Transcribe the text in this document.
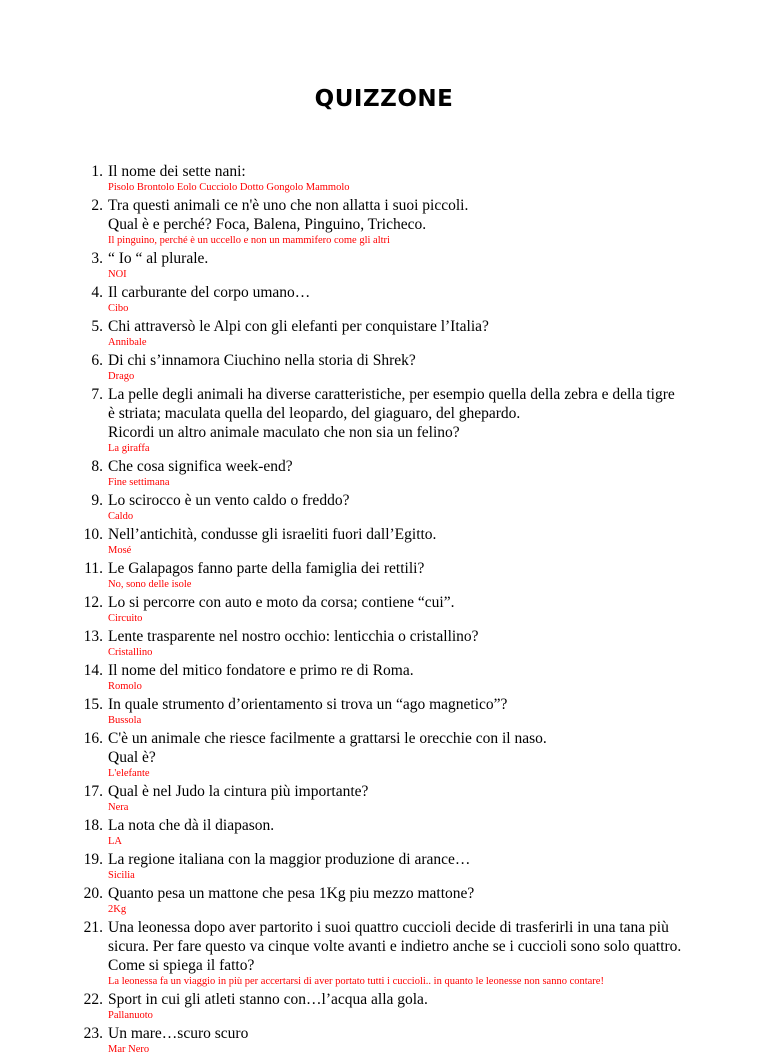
QUIZZONE
1. Il nome dei sette nani:
Pisolo Brontolo Eolo Cucciolo Dotto Gongolo Mammolo
2. Tra questi animali ce n'è uno che non allatta i suoi piccoli.
Qual è e perché? Foca, Balena, Pinguino, Tricheco.
Il pinguino, perché è un uccello e non un mammifero come gli altri
3. “ Io “ al plurale.
NOI
4. Il carburante del corpo umano…
Cibo
5. Chi attraversò le Alpi con gli elefanti per conquistare l’Italia?
Annibale
6. Di chi s’innamora Ciuchino nella storia di Shrek?
Drago
7. La pelle degli animali ha diverse caratteristiche, per esempio quella della zebra e della tigre
è striata; maculata quella del leopardo, del giaguaro, del ghepardo.
Ricordi un altro animale maculato che non sia un felino?
La giraffa
8. Che cosa significa week-end?
Fine settimana
9. Lo scirocco è un vento caldo o freddo?
Caldo
10. Nell’antichità, condusse gli israeliti fuori dall’Egitto.
Mosé
11. Le Galapagos fanno parte della famiglia dei rettili?
No, sono delle isole
12. Lo si percorre con auto e moto da corsa; contiene “cui”.
Circuito
13. Lente trasparente nel nostro occhio: lenticchia o cristallino?
Cristallino
14. Il nome del mitico fondatore e primo re di Roma.
Romolo
15. In quale strumento d’orientamento si trova un “ago magnetico”?
Bussola
16. C'è un animale che riesce facilmente a grattarsi le orecchie con il naso.
Qual è?
L'elefante
17. Qual è nel Judo la cintura più importante?
Nera
18. La nota che dà il diapason.
LA
19. La regione italiana con la maggior produzione di arance…
Sicilia
20. Quanto pesa un mattone che pesa 1Kg piu mezzo mattone?
2Kg
21. Una leonessa dopo aver partorito i suoi quattro cuccioli decide di trasferirli in una tana più
sicura. Per fare questo va cinque volte avanti e indietro anche se i cuccioli sono solo quattro.
Come si spiega il fatto?
La leonessa fa un viaggio in più per accertarsi di aver portato tutti i cuccioli.. in quanto le leonesse non sanno contare!
22. Sport in cui gli atleti stanno con…l’acqua alla gola.
Pallanuoto
23. Un mare…scuro scuro
Mar Nero
